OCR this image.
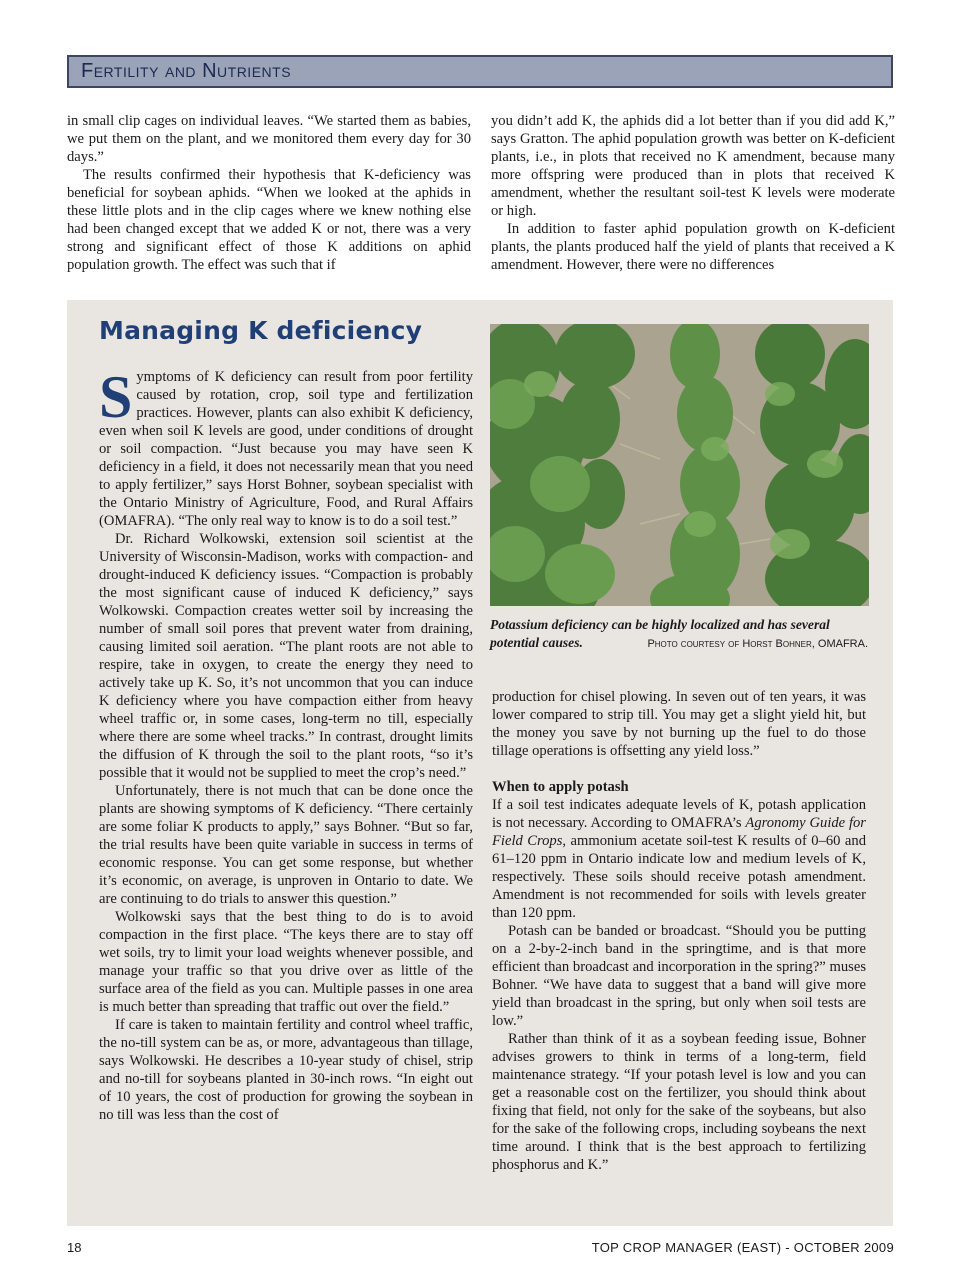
Fertility and Nutrients

in small clip cages on individual leaves. “We started them as babies, we put them on the plant, and we monitored them every day for 30 days.”

The results confirmed their hypothesis that K-deficiency was beneficial for soybean aphids. “When we looked at the aphids in these little plots and in the clip cages where we knew nothing else had been changed except that we added K or not, there was a very strong and significant effect of those K additions on aphid population growth. The effect was such that if

you didn’t add K, the aphids did a lot better than if you did add K,” says Gratton. The aphid population growth was better on K-deficient plants, i.e., in plots that received no K amendment, because many more offspring were produced than in plots that received K amendment, whether the resultant soil-test K levels were moderate or high.

In addition to faster aphid population growth on K-deficient plants, the plants produced half the yield of plants that received a K amendment. However, there were no differences

Managing K deficiency

Symptoms of K deficiency can result from poor fertility caused by rotation, crop, soil type and fertilization practices. However, plants can also exhibit K deficiency, even when soil K levels are good, under conditions of drought or soil compaction. “Just because you may have seen K deficiency in a field, it does not necessarily mean that you need to apply fertilizer,” says Horst Bohner, soybean specialist with the Ontario Ministry of Agriculture, Food, and Rural Affairs (OMAFRA). “The only real way to know is to do a soil test.”

Dr. Richard Wolkowski, extension soil scientist at the University of Wisconsin-Madison, works with compaction- and drought-induced K deficiency issues. “Compaction is probably the most significant cause of induced K deficiency,” says Wolkowski. Compaction creates wetter soil by increasing the number of small soil pores that prevent water from draining, causing limited soil aeration. “The plant roots are not able to respire, take in oxygen, to create the energy they need to actively take up K. So, it’s not uncommon that you can induce K deficiency where you have compaction either from heavy wheel traffic or, in some cases, long-term no till, especially where there are some wheel tracks.” In contrast, drought limits the diffusion of K through the soil to the plant roots, “so it’s possible that it would not be supplied to meet the crop’s need.”

Unfortunately, there is not much that can be done once the plants are showing symptoms of K deficiency. “There certainly are some foliar K products to apply,” says Bohner. “But so far, the trial results have been quite variable in success in terms of economic response. You can get some response, but whether it’s economic, on average, is unproven in Ontario to date. We are continuing to do trials to answer this question.”

Wolkowski says that the best thing to do is to avoid compaction in the first place. “The keys there are to stay off wet soils, try to limit your load weights whenever possible, and manage your traffic so that you drive over as little of the surface area of the field as you can. Multiple passes in one area is much better than spreading that traffic out over the field.”

If care is taken to maintain fertility and control wheel traffic, the no-till system can be as, or more, advantageous than tillage, says Wolkowski. He describes a 10-year study of chisel, strip and no-till for soybeans planted in 30-inch rows. “In eight out of 10 years, the cost of production for growing the soybean in no till was less than the cost of

Potassium deficiency can be highly localized and has several potential causes.	Photo courtesy of Horst Bohner, OMAFRA.

production for chisel plowing. In seven out of ten years, it was lower compared to strip till. You may get a slight yield hit, but the money you save by not burning up the fuel to do those tillage operations is offsetting any yield loss.”

When to apply potash

If a soil test indicates adequate levels of K, potash application is not necessary. According to OMAFRA’s Agronomy Guide for Field Crops, ammonium acetate soil-test K results of 0–60 and 61–120 ppm in Ontario indicate low and medium levels of K, respectively. These soils should receive potash amendment. Amendment is not recommended for soils with levels greater than 120 ppm.

Potash can be banded or broadcast. “Should you be putting on a 2-by-2-inch band in the springtime, and is that more efficient than broadcast and incorporation in the spring?” muses Bohner. “We have data to suggest that a band will give more yield than broadcast in the spring, but only when soil tests are low.”

Rather than think of it as a soybean feeding issue, Bohner advises growers to think in terms of a long-term, field maintenance strategy. “If your potash level is low and you can get a reasonable cost on the fertilizer, you should think about fixing that field, not only for the sake of the soybeans, but also for the sake of the following crops, including soybeans the next time around. I think that is the best approach to fertilizing phosphorus and K.”

18	TOP CROP MANAGER (EAST) - OCTOBER 2009
